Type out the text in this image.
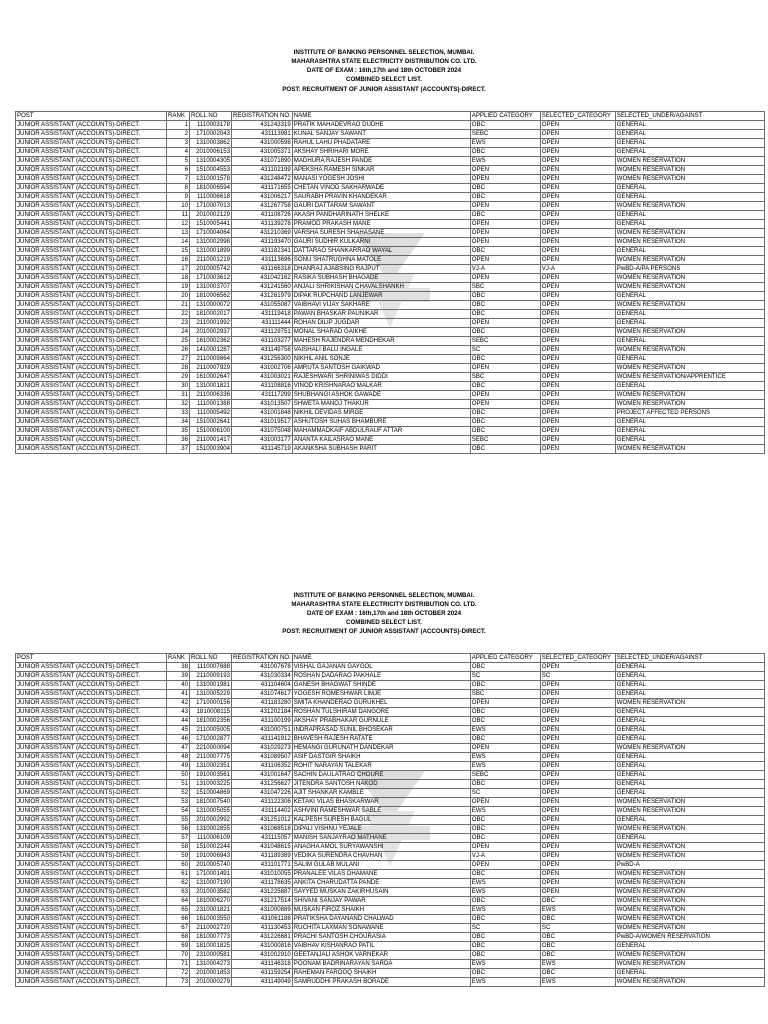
INSTITUTE OF BANKING PERSONNEL SELECTION, MUMBAI.
MAHARASHTRA STATE ELECTRICITY DISTRIBUTION CO. LTD.
DATE OF EXAM : 16th,17th and 18th OCTOBER 2024
COMBINED SELECT LIST.
POST: RECRUITMENT OF JUNIOR ASSISTANT (ACCOUNTS)-DIRECT.
POST	RANK	ROLL NO	REGISTRATION NO.	NAME	APPLIED CATEGORY	SELECTED_CATEGORY	SELECTED_UNDER/AGAINST
JUNIOR ASSISTANT (ACCOUNTS)-DIRECT.	1	1110003178	431243319	PRATIK MAHADEVRAO DUDHE	OBC	OPEN	GENERAL
JUNIOR ASSISTANT (ACCOUNTS)-DIRECT.	2	1710002043	431113981	KUNAL SANJAY SAWANT	SEBC	OPEN	GENERAL
JUNIOR ASSISTANT (ACCOUNTS)-DIRECT.	3	1310003862	431000598	RAHUL LAHU PHADATARE	EWS	OPEN	GENERAL
JUNIOR ASSISTANT (ACCOUNTS)-DIRECT.	4	2010006153	431005371	AKSHAY SHRIHARI MORE	OBC	OPEN	GENERAL
JUNIOR ASSISTANT (ACCOUNTS)-DIRECT.	5	1310004305	431071890	MADHURA RAJESH PANDE	EWS	OPEN	WOMEN RESERVATION
JUNIOR ASSISTANT (ACCOUNTS)-DIRECT.	6	1510004553	431102199	APEKSHA RAMESH SINKAR	OPEN	OPEN	WOMEN RESERVATION
JUNIOR ASSISTANT (ACCOUNTS)-DIRECT.	7	1310001578	431248472	MANASI YOGESH JOSHI	OPEN	OPEN	WOMEN RESERVATION
JUNIOR ASSISTANT (ACCOUNTS)-DIRECT.	8	1810006594	431171655	CHETAN VINOD SAKHARWADE	OBC	OPEN	GENERAL
JUNIOR ASSISTANT (ACCOUNTS)-DIRECT.	9	1110006618	431006217	SAURABH PRAVIN KHANDEKAR	OBC	OPEN	GENERAL
JUNIOR ASSISTANT (ACCOUNTS)-DIRECT.	10	1710007013	431267758	GAURI DATTARAM SAWANT	OPEN	OPEN	WOMEN RESERVATION
JUNIOR ASSISTANT (ACCOUNTS)-DIRECT.	11	2010002129	431108726	AKASH PANDHARINATH SHELKE	OBC	OPEN	GENERAL
JUNIOR ASSISTANT (ACCOUNTS)-DIRECT.	12	1510005441	431139278	PRAMOD PRAKASH MANE	OPEN	OPEN	GENERAL
JUNIOR ASSISTANT (ACCOUNTS)-DIRECT.	13	1710004064	431210369	VARSHA SURESH SHAHASANE	OPEN	OPEN	WOMEN RESERVATION
JUNIOR ASSISTANT (ACCOUNTS)-DIRECT.	14	1310002998	431193470	GAURI SUDHIR KULKARNI	OPEN	OPEN	WOMEN RESERVATION
JUNIOR ASSISTANT (ACCOUNTS)-DIRECT.	15	1310001899	431182341	DATTARAO SHANKARRAO WAYAL	OBC	OPEN	GENERAL
JUNIOR ASSISTANT (ACCOUNTS)-DIRECT.	16	2110001219	431113696	SONU SHATRUGHNA MATOLE	OPEN	OPEN	WOMEN RESERVATION
JUNIOR ASSISTANT (ACCOUNTS)-DIRECT.	17	2010005742	431166318	DHANRAJ AJABSING RAJPUT	VJ-A	VJ-A	PwBD-A/PA PERSONS
JUNIOR ASSISTANT (ACCOUNTS)-DIRECT.	18	1710003612	431042162	RASIKA SUBHASH BHAGADE	OPEN	OPEN	WOMEN RESERVATION
JUNIOR ASSISTANT (ACCOUNTS)-DIRECT.	19	1310003707	431241560	ANJALI SHRIKISHAN CHAVALSHANKH	SBC	OPEN	WOMEN RESERVATION
JUNIOR ASSISTANT (ACCOUNTS)-DIRECT.	20	1810006562	431261979	DIPAK RUPCHAND LANJEWAR	OBC	OPEN	GENERAL
JUNIOR ASSISTANT (ACCOUNTS)-DIRECT.	21	1310000072	431055087	VAIBHAVI VIJAY SAKHARE	OBC	OPEN	WOMEN RESERVATION
JUNIOR ASSISTANT (ACCOUNTS)-DIRECT.	22	1810002017	431119418	PAWAN BHASKAR PAUNIKAR	OBC	OPEN	GENERAL
JUNIOR ASSISTANT (ACCOUNTS)-DIRECT.	23	2110001992	431111444	ROHAN DILIP JUGDAR	OPEN	OPEN	GENERAL
JUNIOR ASSISTANT (ACCOUNTS)-DIRECT.	24	2010002937	431129751	MONAL SHARAD GAIKHE	OBC	OPEN	WOMEN RESERVATION
JUNIOR ASSISTANT (ACCOUNTS)-DIRECT.	25	1610002362	431103277	MAHESH RAJENDRA MENDHEKAR	SEBC	OPEN	GENERAL
JUNIOR ASSISTANT (ACCOUNTS)-DIRECT.	26	1410001287	431149758	VAISHALI BALU INGALE	SC	OPEN	WOMEN RESERVATION
JUNIOR ASSISTANT (ACCOUNTS)-DIRECT.	27	2110009864	431256300	NIKHIL ANIL SONJE	OBC	OPEN	GENERAL
JUNIOR ASSISTANT (ACCOUNTS)-DIRECT.	28	2110007929	431002706	AMRUTA SANTOSH GAIKWAD	OPEN	OPEN	WOMEN RESERVATION
JUNIOR ASSISTANT (ACCOUNTS)-DIRECT.	29	1610002647	431003021	RAJESHWARI SHRINIWAS DIDDI	SBC	OPEN	WOMEN RESERVATION/APPRENTICE
JUNIOR ASSISTANT (ACCOUNTS)-DIRECT.	30	1310001821	431108816	VINOD KRISHNARAO MALKAR	OBC	OPEN	GENERAL
JUNIOR ASSISTANT (ACCOUNTS)-DIRECT.	31	2110006336	431117299	SHUBHANGI ASHOK GAWADE	OPEN	OPEN	WOMEN RESERVATION
JUNIOR ASSISTANT (ACCOUNTS)-DIRECT.	32	1110001388	431013507	SHWETA MANOJ THAKUR	OPEN	OPEN	WOMEN RESERVATION
JUNIOR ASSISTANT (ACCOUNTS)-DIRECT.	33	1110005492	431001848	NIKHIL DEVIDAS MIRGE	OBC	OPEN	PROJECT AFFECTED PERSONS
JUNIOR ASSISTANT (ACCOUNTS)-DIRECT.	34	1510002641	431019517	ASHUTOSH SUHAS BHAMBURE	OBC	OPEN	GENERAL
JUNIOR ASSISTANT (ACCOUNTS)-DIRECT.	35	1510006100	431075048	MAHAMMADKAIF ABDULRAUF ATTAR	OBC	OPEN	GENERAL
JUNIOR ASSISTANT (ACCOUNTS)-DIRECT.	36	2110001417	431003177	ANANTA KAILASRAO MANE	SEBC	OPEN	GENERAL
JUNIOR ASSISTANT (ACCOUNTS)-DIRECT.	37	1510003904	431145719	AKANKSHA SUBHASH PARIT	OBC	OPEN	WOMEN RESERVATION
INSTITUTE OF BANKING PERSONNEL SELECTION, MUMBAI.
MAHARASHTRA STATE ELECTRICITY DISTRIBUTION CO. LTD.
DATE OF EXAM : 16th,17th and 18th OCTOBER 2024
COMBINED SELECT LIST.
POST: RECRUITMENT OF JUNIOR ASSISTANT (ACCOUNTS)-DIRECT.
POST	RANK	ROLL NO	REGISTRATION NO.	NAME	APPLIED CATEGORY	SELECTED_CATEGORY	SELECTED_UNDER/AGAINST
JUNIOR ASSISTANT (ACCOUNTS)-DIRECT.	38	1110007688	431007678	VISHAL GAJANAN GAYGOL	OBC	OPEN	GENERAL
JUNIOR ASSISTANT (ACCOUNTS)-DIRECT.	39	2110009193	431030334	ROSHAN DADARAO PAKHALE	SC	SC	GENERAL
JUNIOR ASSISTANT (ACCOUNTS)-DIRECT.	40	1310001981	431104604	GANESH BHAGWAT SHINDE	OBC	OPEN	GENERAL
JUNIOR ASSISTANT (ACCOUNTS)-DIRECT.	41	1310005229	431074617	YOGESH ROMESHWAR LIMJE	SBC	OPEN	GENERAL
JUNIOR ASSISTANT (ACCOUNTS)-DIRECT.	42	1710000156	431183280	SMITA KHANDERAO GURUKHEL	OPEN	OPEN	WOMEN RESERVATION
JUNIOR ASSISTANT (ACCOUNTS)-DIRECT.	43	1810008115	431202184	ROSHAN TULSHIRAM DANGORE	OBC	OPEN	GENERAL
JUNIOR ASSISTANT (ACCOUNTS)-DIRECT.	44	1810002356	431100199	AKSHAY PRABHAKAR GURNULE	OBC	OPEN	GENERAL
JUNIOR ASSISTANT (ACCOUNTS)-DIRECT.	45	2110005005	431000751	INDRAPRASAD SUNIL BHOSEKAR	EWS	OPEN	GENERAL
JUNIOR ASSISTANT (ACCOUNTS)-DIRECT.	46	1710002877	431141912	BHAVESH RAJESH RATATE	OBC	OPEN	GENERAL
JUNIOR ASSISTANT (ACCOUNTS)-DIRECT.	47	2210000094	431029273	HEMANGI GURUNATH DANDEKAR	OPEN	OPEN	WOMEN RESERVATION
JUNIOR ASSISTANT (ACCOUNTS)-DIRECT.	48	2110007775	431089507	ASIF DASTGIR SHAIKH	EWS	OPEN	GENERAL
JUNIOR ASSISTANT (ACCOUNTS)-DIRECT.	49	1310002351	431106352	ROHIT NARAYAN TALEKAR	EWS	OPEN	GENERAL
JUNIOR ASSISTANT (ACCOUNTS)-DIRECT.	50	1910003561	431001647	SACHIN DAULATRAO CHOURE	SEBC	OPEN	GENERAL
JUNIOR ASSISTANT (ACCOUNTS)-DIRECT.	51	1310003225	431256627	JITENDRA SANTOSH NAKOD	OBC	OPEN	GENERAL
JUNIOR ASSISTANT (ACCOUNTS)-DIRECT.	52	1510004869	431047226	AJIT SHANKAR KAMBLE	SC	OPEN	GENERAL
JUNIOR ASSISTANT (ACCOUNTS)-DIRECT.	53	1810007540	431122306	KETAKI VILAS BHASKARWAR	OPEN	OPEN	WOMEN RESERVATION
JUNIOR ASSISTANT (ACCOUNTS)-DIRECT.	54	1310005055	431114402	ASHVINI RAMESHWAR SABLE	EWS	OPEN	WOMEN RESERVATION
JUNIOR ASSISTANT (ACCOUNTS)-DIRECT.	55	2010002992	431251012	KALPESH SURESH BAGUL	OBC	OPEN	GENERAL
JUNIOR ASSISTANT (ACCOUNTS)-DIRECT.	56	1310002855	431068518	DIPALI VISHNU YEJALE	OBC	OPEN	WOMEN RESERVATION
JUNIOR ASSISTANT (ACCOUNTS)-DIRECT.	57	1110006109	431115057	MANISH SANJAYRAO MATHANE	OBC	OPEN	GENERAL
JUNIOR ASSISTANT (ACCOUNTS)-DIRECT.	58	1510002244	431048615	ANAGHA AMOL SURYAWANSHI	OPEN	OPEN	WOMEN RESERVATION
JUNIOR ASSISTANT (ACCOUNTS)-DIRECT.	59	1910006943	431189389	VEDIKA SURENDRA CHAVHAN	VJ-A	OPEN	WOMEN RESERVATION
JUNIOR ASSISTANT (ACCOUNTS)-DIRECT.	60	2010005740	431101771	SALIM GULAB MULANI	OPEN	OPEN	PwBD-A
JUNIOR ASSISTANT (ACCOUNTS)-DIRECT.	61	1710001491	431010055	PRANALEE VILAS DHAMANE	OBC	OPEN	WOMEN RESERVATION
JUNIOR ASSISTANT (ACCOUNTS)-DIRECT.	62	1310007190	431178635	ANKITA CHARUDATTA PANDE	EWS	OPEN	WOMEN RESERVATION
JUNIOR ASSISTANT (ACCOUNTS)-DIRECT.	63	2010003582	431225887	SAYYED MUSKAN ZAKIRHUSAIN	EWS	OPEN	WOMEN RESERVATION
JUNIOR ASSISTANT (ACCOUNTS)-DIRECT.	64	1810006270	431217514	SHIVANI SANJAY PAWAR	OBC	OBC	WOMEN RESERVATION
JUNIOR ASSISTANT (ACCOUNTS)-DIRECT.	65	2310001821	431000889	MUSKAN FIROZ SHAIKH	EWS	EWS	WOMEN RESERVATION
JUNIOR ASSISTANT (ACCOUNTS)-DIRECT.	66	1610003550	431061188	PRATIKSHA DAYANAND CHALWAD	OBC	OBC	WOMEN RESERVATION
JUNIOR ASSISTANT (ACCOUNTS)-DIRECT.	67	2110002720	431130453	RUCHITA LAXMAN SONAWANE	SC	SC	WOMEN RESERVATION
JUNIOR ASSISTANT (ACCOUNTS)-DIRECT.	68	1810007773	431226681	PRACHI SANTOSH CHOURASIA	OBC	OBC	PwBD-A/WOMEN RESERVATION
JUNIOR ASSISTANT (ACCOUNTS)-DIRECT.	69	1810001825	431000816	VAIBHAV KISHANRAO PATIL	OBC	OBC	GENERAL
JUNIOR ASSISTANT (ACCOUNTS)-DIRECT.	70	2310000581	431002910	GEETANJALI ASHOK VARNEKAR	OBC	OBC	WOMEN RESERVATION
JUNIOR ASSISTANT (ACCOUNTS)-DIRECT.	71	1310004273	431146318	POONAM BADRINARAYAN SARDA	EWS	EWS	WOMEN RESERVATION
JUNIOR ASSISTANT (ACCOUNTS)-DIRECT.	72	2010001853	431159254	RAHEMAN FAROOQ SHAIKH	OBC	OBC	GENERAL
JUNIOR ASSISTANT (ACCOUNTS)-DIRECT.	73	2010000279	431149049	SAMRUDDHI PRAKASH BORADE	EWS	EWS	WOMEN RESERVATION
